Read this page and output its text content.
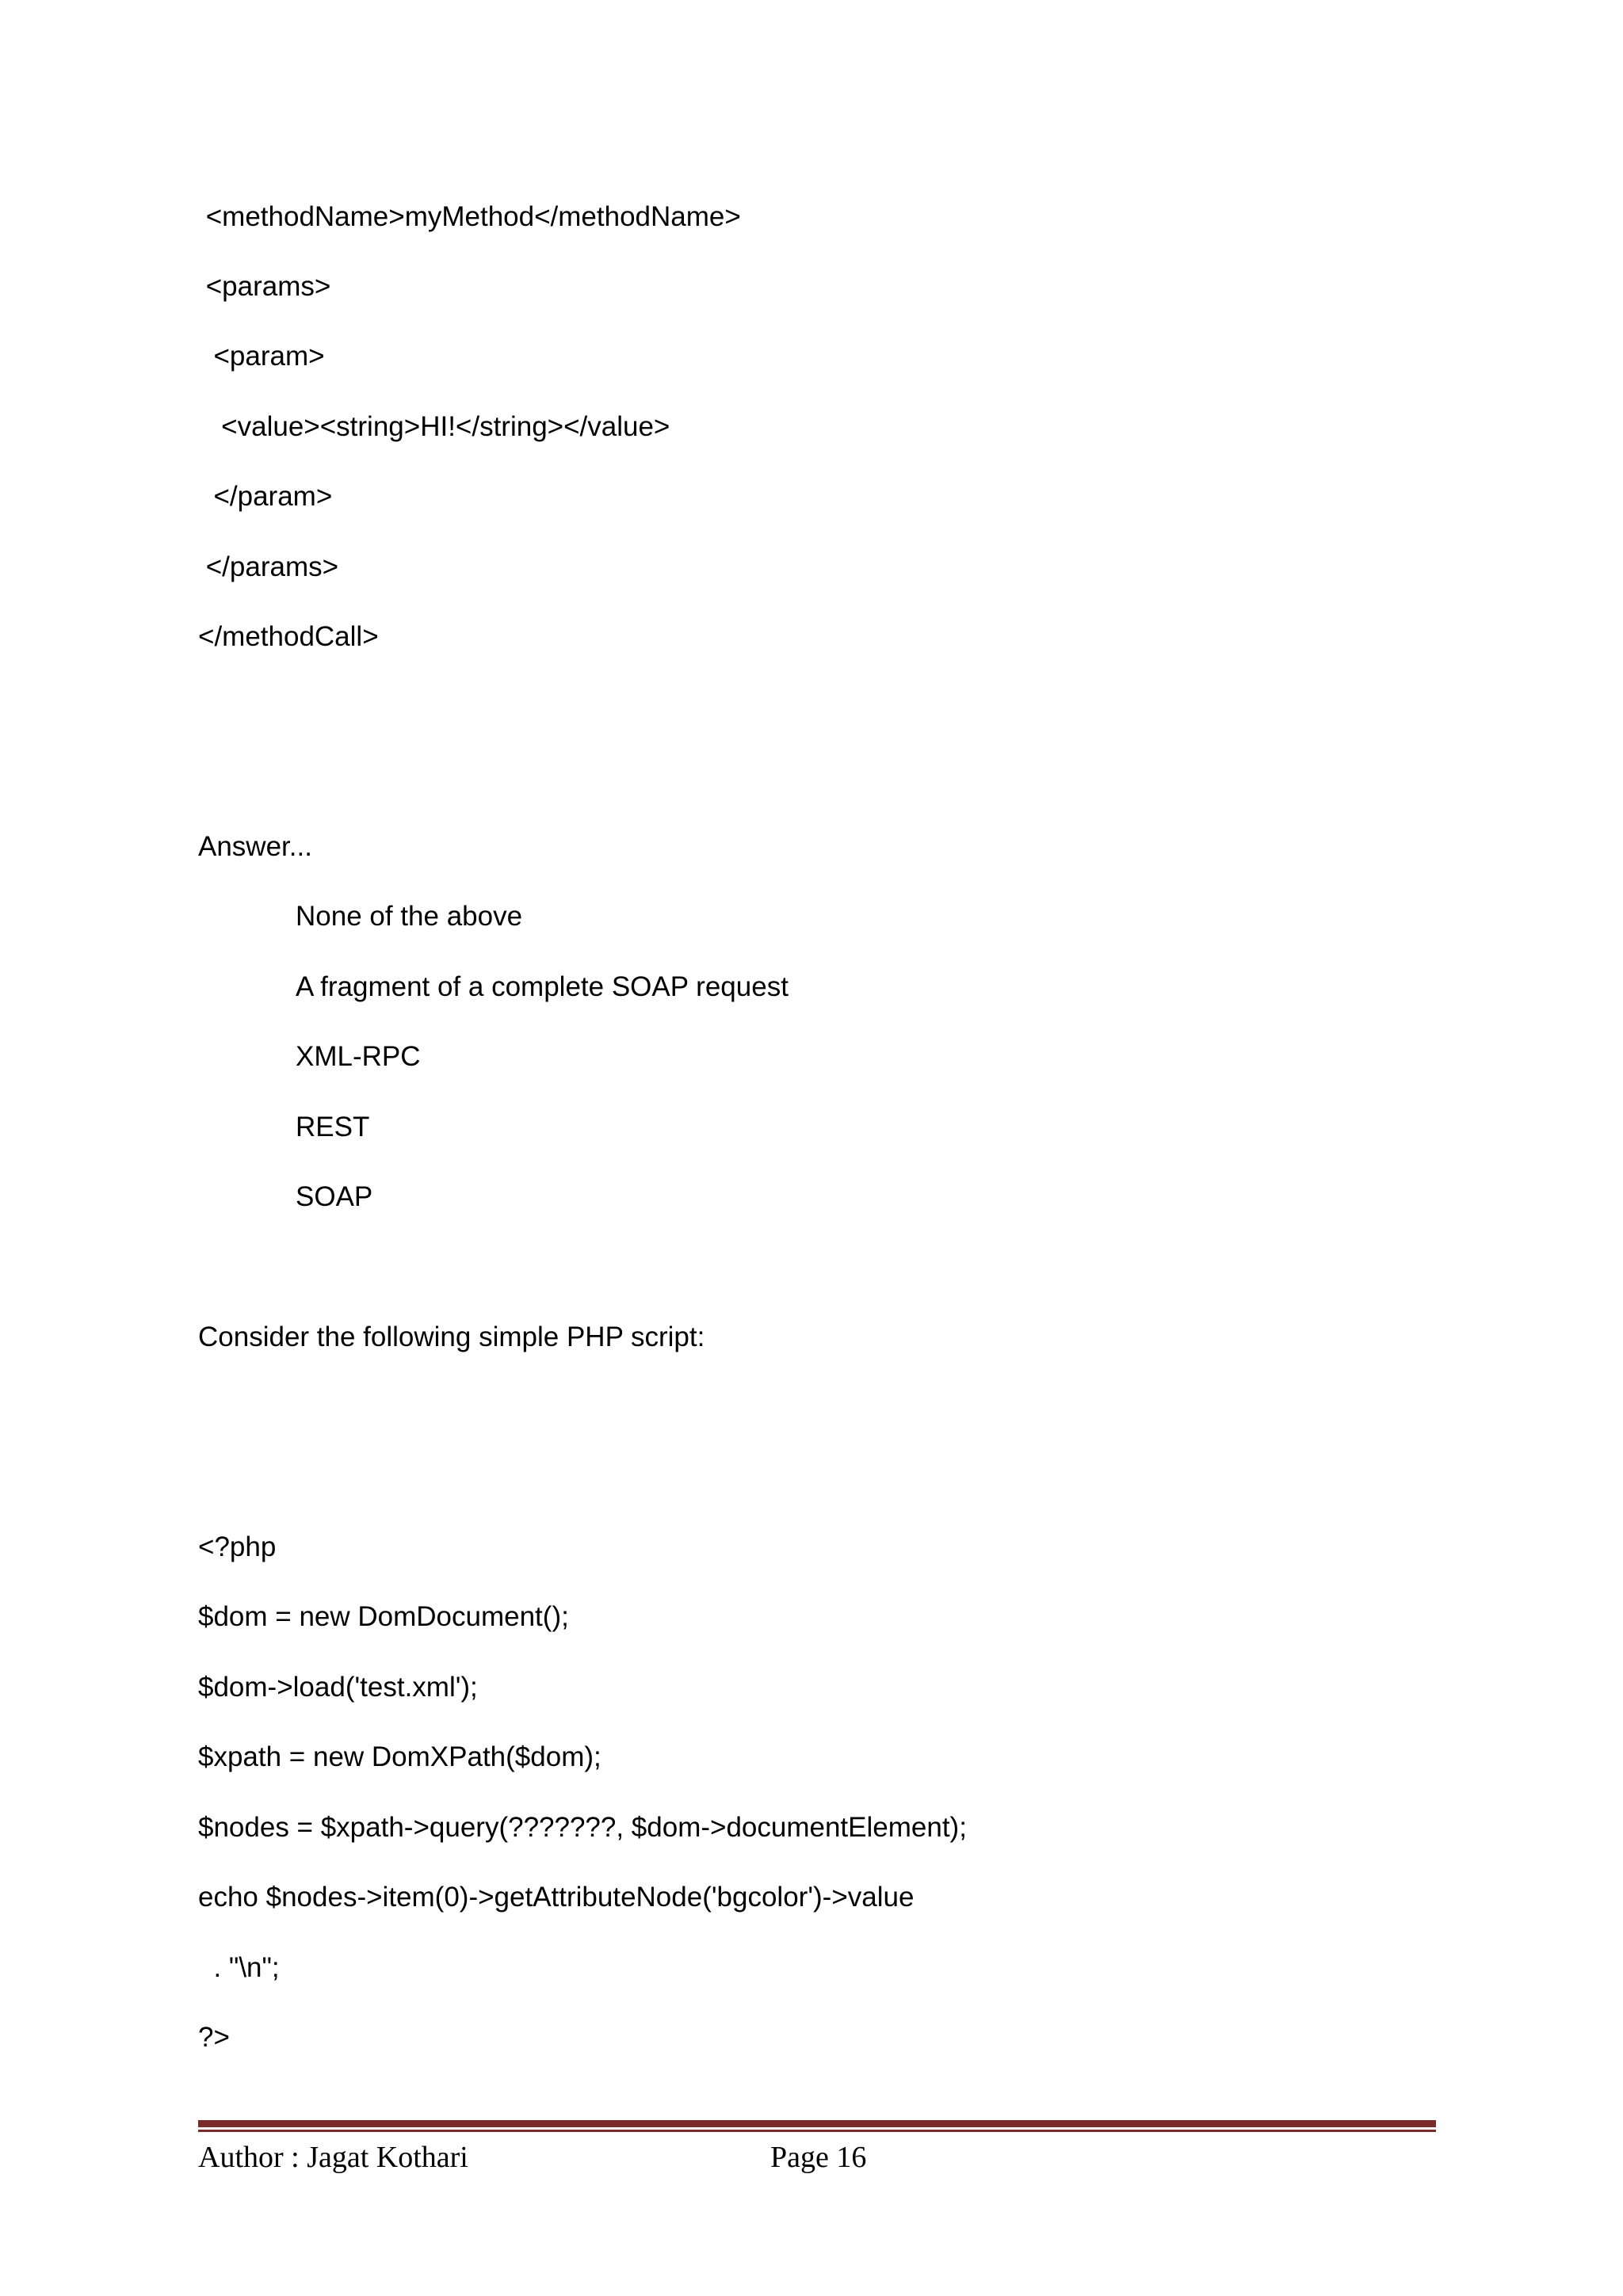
<methodName>myMethod</methodName>
<params>
<param>
<value><string>HI!</string></value>
</param>
</params>
</methodCall>
Answer...
None of the above
A fragment of a complete SOAP request
XML-RPC
REST
SOAP
Consider the following simple PHP script:
<?php
$dom = new DomDocument();
$dom->load('test.xml');
$xpath = new DomXPath($dom);
$nodes = $xpath->query(???????, $dom->documentElement);
echo $nodes->item(0)->getAttributeNode('bgcolor')->value
. "\n";
?>
Author : Jagat Kothari	Page 16
